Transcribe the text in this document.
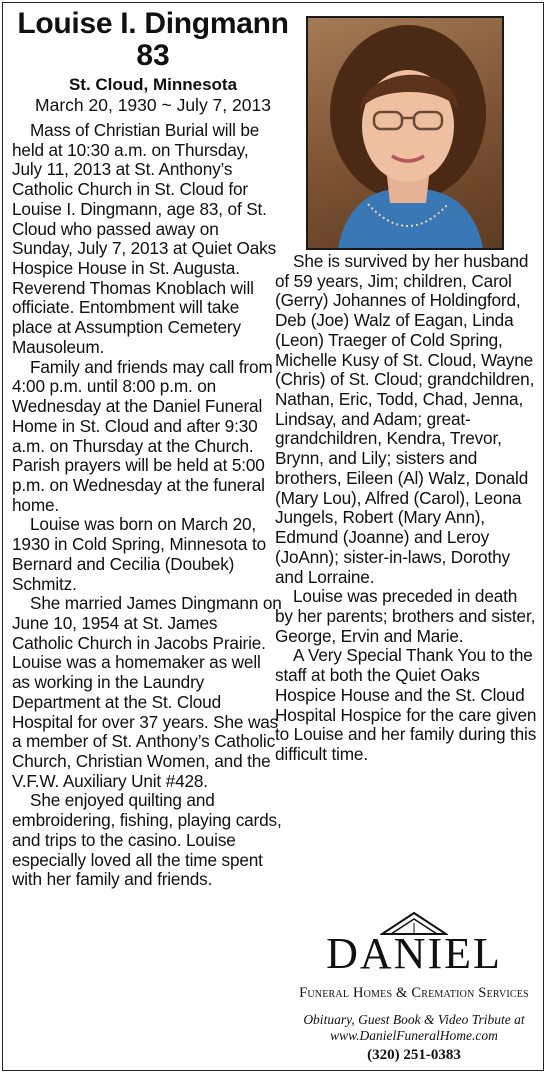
Louise I. Dingmann
83
St. Cloud, Minnesota
March 20, 1930 ~ July 7, 2013

Mass of Christian Burial will be held at 10:30 a.m. on Thursday, July 11, 2013 at St. Anthony’s Catholic Church in St. Cloud for Louise I. Dingmann, age 83, of St. Cloud who passed away on Sunday, July 7, 2013 at Quiet Oaks Hospice House in St. Augusta. Reverend Thomas Knoblach will officiate. Entombment will take place at Assumption Cemetery Mausoleum.

Family and friends may call from 4:00 p.m. until 8:00 p.m. on Wednesday at the Daniel Funeral Home in St. Cloud and after 9:30 a.m. on Thursday at the Church. Parish prayers will be held at 5:00 p.m. on Wednesday at the funeral home.

Louise was born on March 20, 1930 in Cold Spring, Minnesota to Bernard and Cecilia (Doubek) Schmitz.

She married James Dingmann on June 10, 1954 at St. James Catholic Church in Jacobs Prairie. Louise was a homemaker as well as working in the Laundry Department at the St. Cloud Hospital for over 37 years. She was a member of St. Anthony’s Catholic Church, Christian Women, and the V.F.W. Auxiliary Unit #428.

She enjoyed quilting and embroidering, fishing, playing cards, and trips to the casino. Louise especially loved all the time spent with her family and friends.

She is survived by her husband of 59 years, Jim; children, Carol (Gerry) Johannes of Holdingford, Deb (Joe) Walz of Eagan, Linda (Leon) Traeger of Cold Spring, Michelle Kusy of St. Cloud, Wayne (Chris) of St. Cloud; grandchildren, Nathan, Eric, Todd, Chad, Jenna, Lindsay, and Adam; great-grandchildren, Kendra, Trevor, Brynn, and Lily; sisters and brothers, Eileen (Al) Walz, Donald (Mary Lou), Alfred (Carol), Leona Jungels, Robert (Mary Ann), Edmund (Joanne) and Leroy (JoAnn); sister-in-laws, Dorothy and Lorraine.

Louise was preceded in death by her parents; brothers and sister, George, Ervin and Marie.

A Very Special Thank You to the staff at both the Quiet Oaks Hospice House and the St. Cloud Hospital Hospice for the care given to Louise and her family during this difficult time.

DANIEL
Funeral Homes & Cremation Services
Obituary, Guest Book & Video Tribute at www.DanielFuneralHome.com
(320) 251-0383
